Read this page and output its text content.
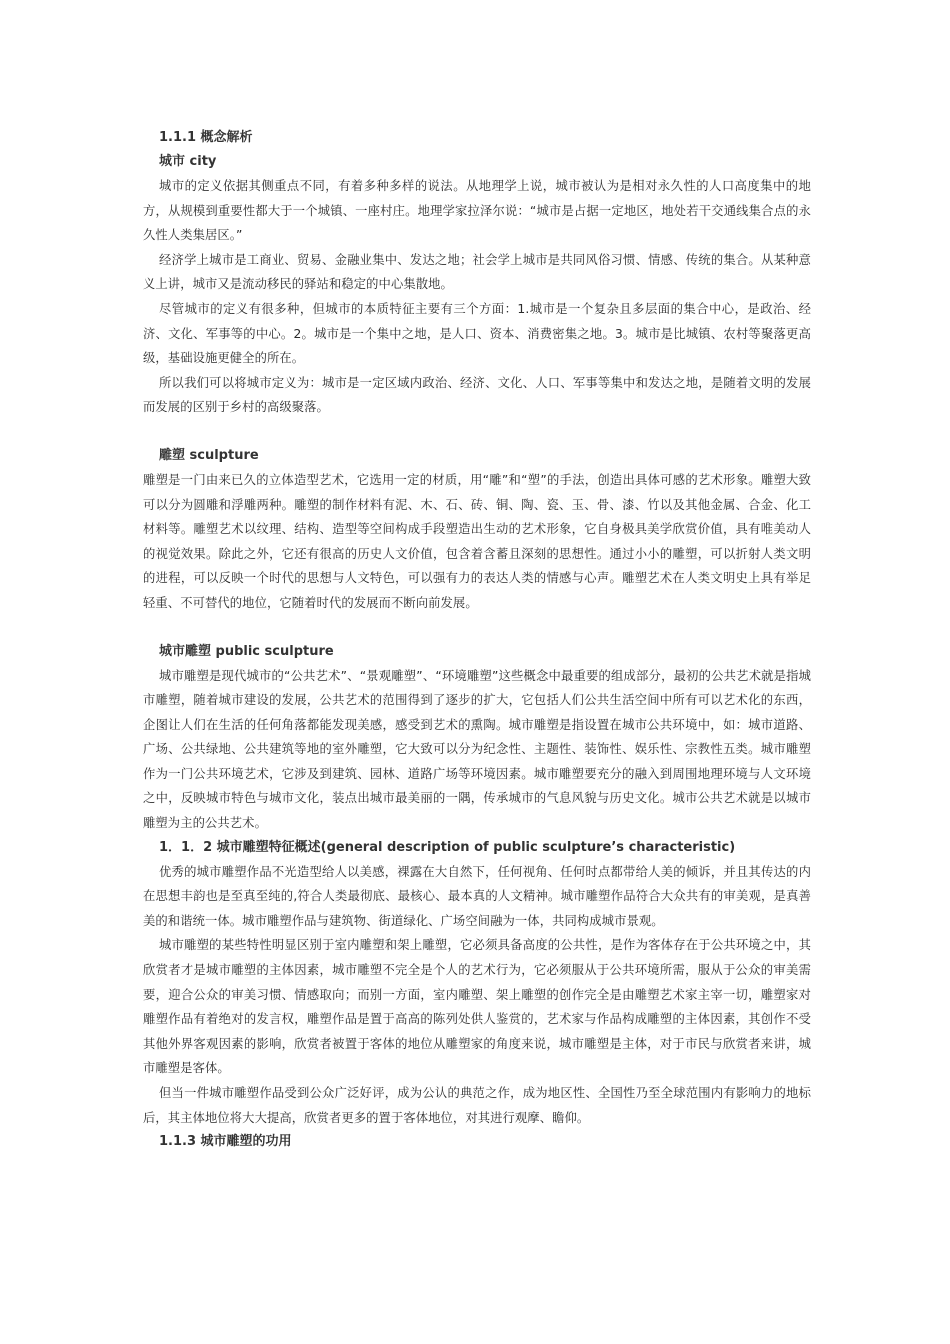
1.1.1 概念解析
城市 city

城市的定义依据其侧重点不同，有着多种多样的说法。从地理学上说，城市被认为是相对永久性的人口高度集中的地方，从规模到重要性都大于一个城镇、一座村庄。地理学家拉泽尔说：“城市是占据一定地区，地处若干交通线集合点的永久性人类集居区。”

经济学上城市是工商业、贸易、金融业集中、发达之地；社会学上城市是共同风俗习惯、情感、传统的集合。从某种意义上讲，城市又是流动移民的驿站和稳定的中心集散地。

尽管城市的定义有很多种，但城市的本质特征主要有三个方面：1.城市是一个复杂且多层面的集合中心，是政治、经济、文化、军事等的中心。2。城市是一个集中之地，是人口、资本、消费密集之地。3。城市是比城镇、农村等聚落更高级，基础设施更健全的所在。

所以我们可以将城市定义为：城市是一定区域内政治、经济、文化、人口、军事等集中和发达之地，是随着文明的发展而发展的区别于乡村的高级聚落。

雕塑 sculpture

雕塑是一门由来已久的立体造型艺术，它选用一定的材质，用“雕”和“塑”的手法，创造出具体可感的艺术形象。雕塑大致可以分为圆雕和浮雕两种。雕塑的制作材料有泥、木、石、砖、铜、陶、瓷、玉、骨、漆、竹以及其他金属、合金、化工材料等。雕塑艺术以纹理、结构、造型等空间构成手段塑造出生动的艺术形象，它自身极具美学欣赏价值，具有唯美动人的视觉效果。除此之外，它还有很高的历史人文价值，包含着含蓄且深刻的思想性。通过小小的雕塑，可以折射人类文明的进程，可以反映一个时代的思想与人文特色，可以强有力的表达人类的情感与心声。雕塑艺术在人类文明史上具有举足轻重、不可替代的地位，它随着时代的发展而不断向前发展。

城市雕塑 public sculpture

城市雕塑是现代城市的“公共艺术”、“景观雕塑”、“环境雕塑”这些概念中最重要的组成部分，最初的公共艺术就是指城市雕塑，随着城市建设的发展，公共艺术的范围得到了逐步的扩大，它包括人们公共生活空间中所有可以艺术化的东西，企图让人们在生活的任何角落都能发现美感，感受到艺术的熏陶。城市雕塑是指设置在城市公共环境中，如：城市道路、广场、公共绿地、公共建筑等地的室外雕塑，它大致可以分为纪念性、主题性、装饰性、娱乐性、宗教性五类。城市雕塑作为一门公共环境艺术，它涉及到建筑、园林、道路广场等环境因素。城市雕塑要充分的融入到周围地理环境与人文环境之中，反映城市特色与城市文化，装点出城市最美丽的一隅，传承城市的气息风貌与历史文化。城市公共艺术就是以城市雕塑为主的公共艺术。

1．1．2 城市雕塑特征概述(general description of public sculpture’s characteristic)

优秀的城市雕塑作品不光造型给人以美感，裸露在大自然下，任何视角、任何时点都带给人美的倾诉，并且其传达的内在思想丰韵也是至真至纯的,符合人类最彻底、最核心、最本真的人文精神。城市雕塑作品符合大众共有的审美观，是真善美的和谐统一体。城市雕塑作品与建筑物、街道绿化、广场空间融为一体，共同构成城市景观。

城市雕塑的某些特性明显区别于室内雕塑和架上雕塑，它必须具备高度的公共性，是作为客体存在于公共环境之中，其欣赏者才是城市雕塑的主体因素，城市雕塑不完全是个人的艺术行为，它必须服从于公共环境所需，服从于公众的审美需要，迎合公众的审美习惯、情感取向；而别一方面，室内雕塑、架上雕塑的创作完全是由雕塑艺术家主宰一切，雕塑家对雕塑作品有着绝对的发言权，雕塑作品是置于高高的陈列处供人鉴赏的，艺术家与作品构成雕塑的主体因素，其创作不受其他外界客观因素的影响，欣赏者被置于客体的地位从雕塑家的角度来说，城市雕塑是主体，对于市民与欣赏者来讲，城市雕塑是客体。

但当一件城市雕塑作品受到公众广泛好评，成为公认的典范之作，成为地区性、全国性乃至全球范围内有影响力的地标后，其主体地位将大大提高，欣赏者更多的置于客体地位，对其进行观摩、瞻仰。

1.1.3 城市雕塑的功用
